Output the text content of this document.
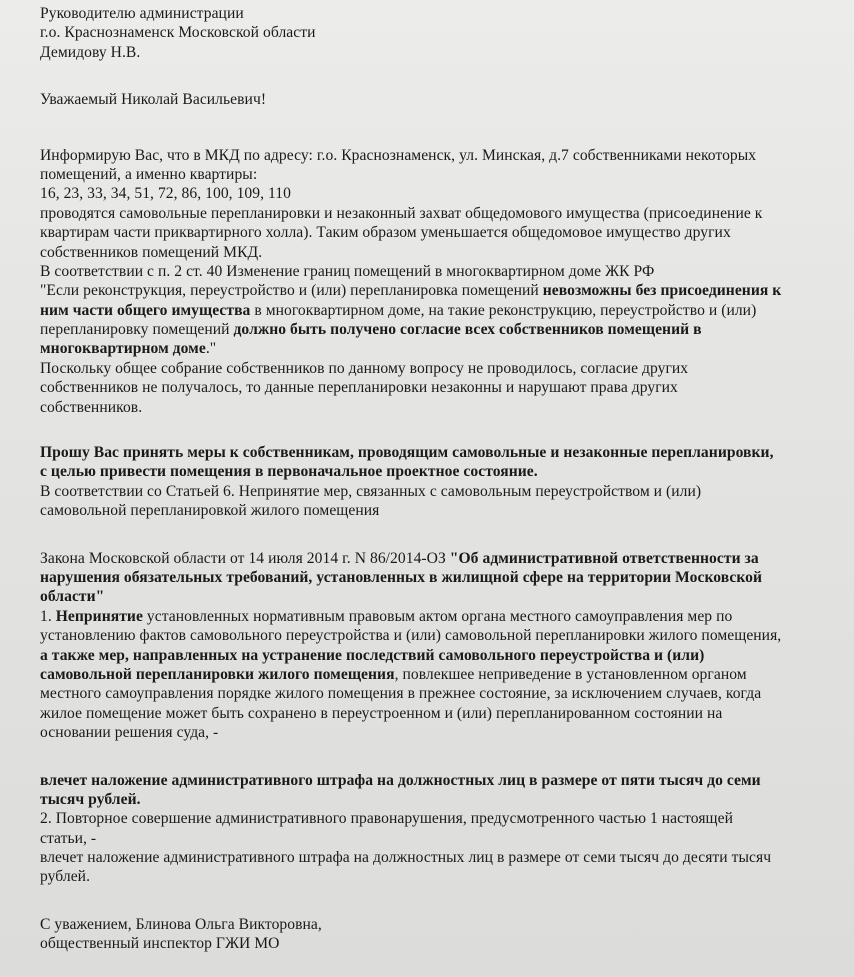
Руководителю администрации
г.о. Краснознаменск Московской области
Демидову Н.В.
Уважаемый Николай Васильевич!
Информирую Вас, что в МКД по адресу: г.о. Краснознаменск, ул. Минская, д.7 собственниками некоторых
помещений, а именно квартиры:
16, 23, 33, 34, 51, 72, 86, 100, 109, 110
проводятся самовольные перепланировки и незаконный захват общедомового имущества (присоединение к
квартирам части приквартирного холла). Таким образом уменьшается общедомовое имущество других
собственников помещений МКД.
В соответствии с п. 2 ст. 40 Изменение границ помещений в многоквартирном доме ЖК РФ
"Если реконструкция, переустройство и (или) перепланировка помещений невозможны без присоединения к
ним части общего имущества в многоквартирном доме, на такие реконструкцию, переустройство и (или)
перепланировку помещений должно быть получено согласие всех собственников помещений в
многоквартирном доме."
Поскольку общее собрание собственников по данному вопросу не проводилось, согласие других
собственников не получалось, то данные перепланировки незаконны и нарушают права других
собственников.
Прошу Вас принять меры к собственникам, проводящим самовольные и незаконные перепланировки,
с целью привести помещения в первоначальное проектное состояние.
В соответствии со Статьей 6. Непринятие мер, связанных с самовольным переустройством и (или)
самовольной перепланировкой жилого помещения
Закона Московской области от 14 июля 2014 г. N 86/2014-ОЗ "Об административной ответственности за
нарушения обязательных требований, установленных в жилищной сфере на территории Московской
области"
1. Непринятие установленных нормативным правовым актом органа местного самоуправления мер по
установлению фактов самовольного переустройства и (или) самовольной перепланировки жилого помещения,
а также мер, направленных на устранение последствий самовольного переустройства и (или)
самовольной перепланировки жилого помещения, повлекшее неприведение в установленном органом
местного самоуправления порядке жилого помещения в прежнее состояние, за исключением случаев, когда
жилое помещение может быть сохранено в переустроенном и (или) перепланированном состоянии на
основании решения суда, -
влечет наложение административного штрафа на должностных лиц в размере от пяти тысяч до семи
тысяч рублей.
2. Повторное совершение административного правонарушения, предусмотренного частью 1 настоящей
статьи, -
влечет наложение административного штрафа на должностных лиц в размере от семи тысяч до десяти тысяч
рублей.
С уважением, Блинова Ольга Викторовна,
общественный инспектор ГЖИ МО
